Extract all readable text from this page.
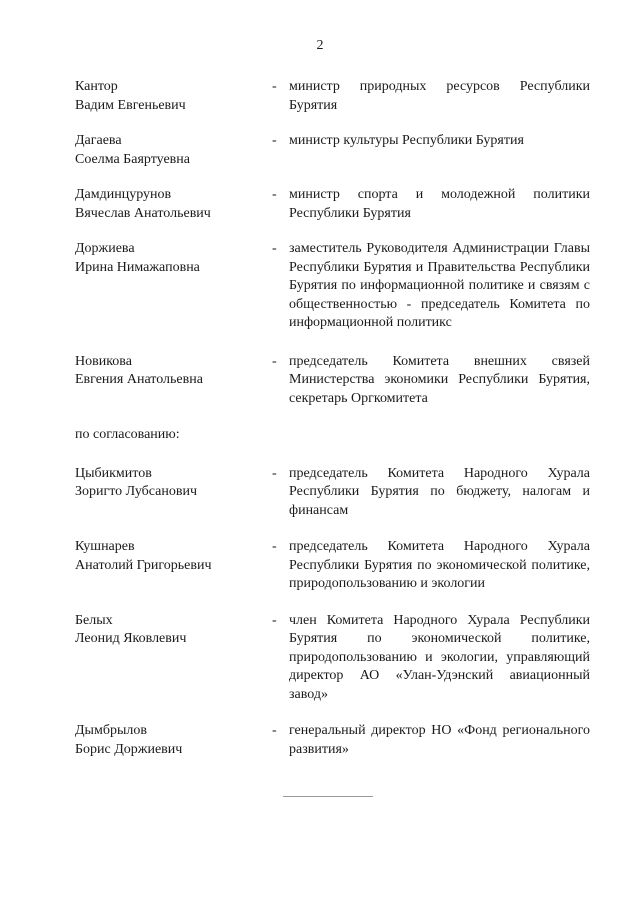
2
Кантор
Вадим Евгеньевич
- министр природных ресурсов Республики Бурятия
Дагаева
Соелма Баяртуевна
- министр культуры Республики Бурятия
Дамдинцурунов
Вячеслав Анатольевич
- министр спорта и молодежной политики Республики Бурятия
Доржиева
Ирина Нимажаповна
- заместитель Руководителя Администрации Главы Республики Бурятия и Правительства Республики Бурятия по информационной политике и связям с общественностью - председатель Комитета по информационной политикс
Новикова
Евгения Анатольевна
- председатель Комитета внешних связей Министерства экономики Республики Бурятия, секретарь Оргкомитета
по согласованию:
Цыбикмитов
Зоригто Лубсанович
- председатель Комитета Народного Хурала Республики Бурятия по бюджету, налогам и финансам
Кушнарев
Анатолий Григорьевич
- председатель Комитета Народного Хурала Республики Бурятия по экономической политике, природопользованию и экологии
Белых
Леонид Яковлевич
- член Комитета Народного Хурала Республики Бурятия по экономической политике, природопользованию и экологии, управляющий директор АО «Улан-Удэнский авиационный завод»
Дымбрылов
Борис Доржиевич
- генеральный директор НО «Фонд регионального развития»
